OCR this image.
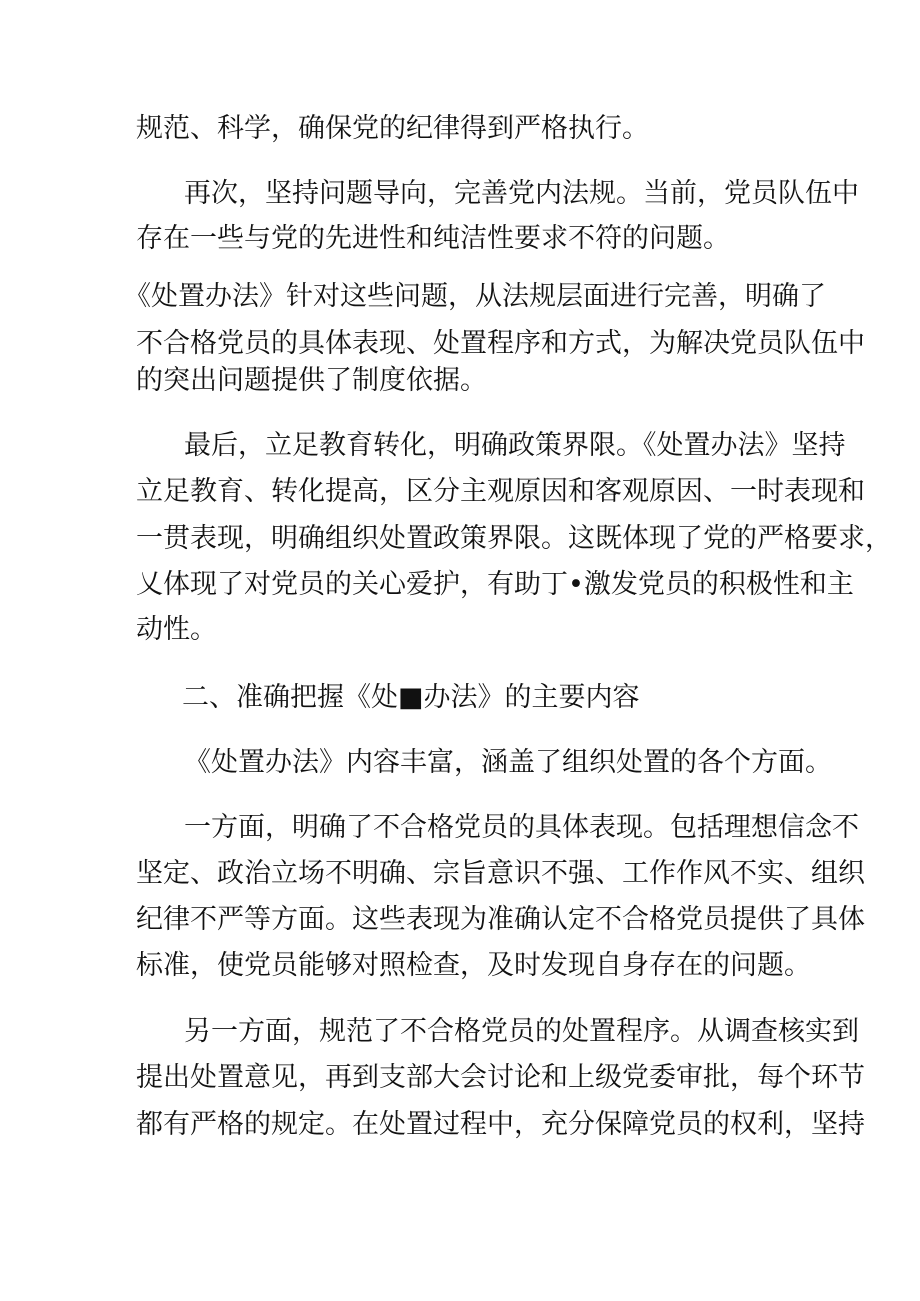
规范、科学，确保党的纪律得到严格执行。
再次，坚持问题导向，完善党内法规。当前，党员队伍中
存在一些与党的先进性和纯洁性要求不符的问题。
《处置办法》针对这些问题，从法规层面进行完善，明确了
不合格党员的具体表现、处置程序和方式，为解决党员队伍中
的突出问题提供了制度依据。
最后，立足教育转化，明确政策界限。《处置办法》坚持
立足教育、转化提高，区分主观原因和客观原因、一时表现和
一贯表现，明确组织处置政策界限。这既体现了党的严格要求，
乂体现了对党员的关心爱护，有助丁•激发党员的积极性和主
动性。
二、准确把握《处■办法》的主要内容
《处置办法》内容丰富，涵盖了组织处置的各个方面。
一方面，明确了不合格党员的具体表现。包括理想信念不
坚定、政治立场不明确、宗旨意识不强、工作作风不实、组织
纪律不严等方面。这些表现为准确认定不合格党员提供了具体
标准，使党员能够对照检查，及时发现自身存在的问题。
另一方面，规范了不合格党员的处置程序。从调查核实到
提出处置意见，再到支部大会讨论和上级党委审批，每个环节
都有严格的规定。在处置过程中，充分保障党员的权利，坚持
